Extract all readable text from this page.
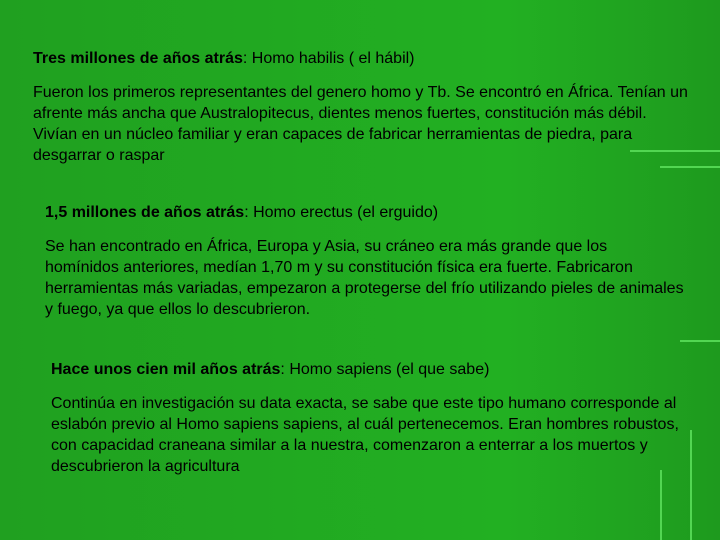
Tres millones de años atrás: Homo habilis ( el hábil)
Fueron los primeros representantes del genero homo y Tb. Se encontró en África. Tenían un afrente más ancha que Australopitecus, dientes menos fuertes, constitución más débil. Vivían en un núcleo familiar y eran capaces de fabricar herramientas de piedra, para desgarrar o raspar
1,5 millones de años atrás: Homo erectus (el erguido)
Se han encontrado en África, Europa y Asia, su cráneo era más grande que los homínidos anteriores, medían 1,70 m y su constitución física era fuerte. Fabricaron herramientas más variadas, empezaron a protegerse del frío utilizando pieles de animales y fuego, ya que ellos lo descubrieron.
Hace unos cien mil años atrás: Homo sapiens (el que sabe)
Continúa en investigación su data exacta, se sabe que este tipo humano corresponde al eslabón previo al Homo sapiens sapiens, al cuál pertenecemos. Eran hombres robustos, con capacidad craneana similar a la nuestra, comenzaron a enterrar a los muertos y descubrieron la agricultura
